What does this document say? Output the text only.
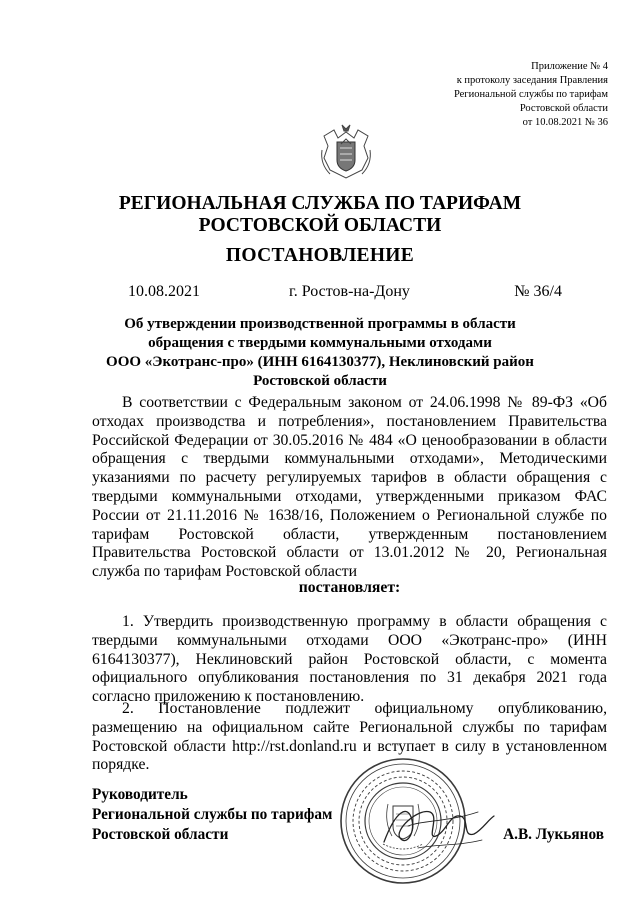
Приложение № 4
к протоколу заседания Правления
Региональной службы по тарифам
Ростовской области
от 10.08.2021 № 36
РЕГИОНАЛЬНАЯ СЛУЖБА ПО ТАРИФАМ
РОСТОВСКОЙ ОБЛАСТИ
ПОСТАНОВЛЕНИЕ
10.08.2021	г. Ростов-на-Дону	№ 36/4
Об утверждении производственной программы в области
обращения с твердыми коммунальными отходами
ООО «Экотранс-про» (ИНН 6164130377), Неклиновский район
Ростовской области
В соответствии с Федеральным законом от 24.06.1998 № 89-ФЗ «Об отходах производства и потребления», постановлением Правительства Российской Федерации от 30.05.2016 № 484 «О ценообразовании в области обращения с твердыми коммунальными отходами», Методическими указаниями по расчету регулируемых тарифов в области обращения с твердыми коммунальными отходами, утвержденными приказом ФАС России от 21.11.2016 № 1638/16, Положением о Региональной службе по тарифам Ростовской области, утвержденным постановлением Правительства Ростовской области от 13.01.2012 № 20, Региональная служба по тарифам Ростовской области
постановляет:
1. Утвердить производственную программу в области обращения с твердыми коммунальными отходами ООО «Экотранс-про» (ИНН 6164130377), Неклиновский район Ростовской области, с момента официального опубликования постановления по 31 декабря 2021 года согласно приложению к постановлению.
2. Постановление подлежит официальному опубликованию, размещению на официальном сайте Региональной службы по тарифам Ростовской области http://rst.donland.ru и вступает в силу в установленном порядке.
Руководитель
Региональной службы по тарифам
Ростовской области	А.В. Лукьянов
